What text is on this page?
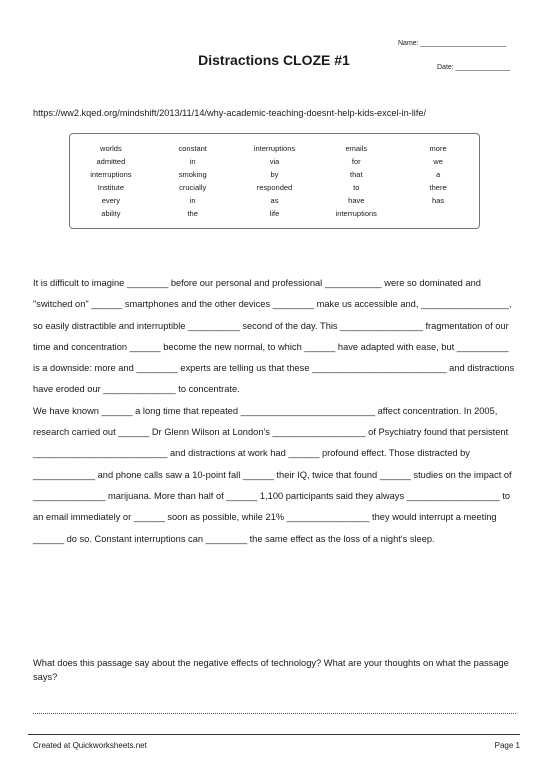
Name: ______________________
Date: ______________
Distractions CLOZE #1
https://ww2.kqed.org/mindshift/2013/11/14/why-academic-teaching-doesnt-help-kids-excel-in-life/
worlds	constant	interruptions	emails	more
admitted	in	via	for	we
interruptions	smoking	by	that	a
Institute	crucially	responded	to	there
every	in	as	have	has
ability	the	life	interruptions

It is difficult to imagine ________ before our personal and professional ___________ were so dominated and "switched on" ______ smartphones and the other devices ________ make us accessible and, _________________, so easily distractible and interruptible __________ second of the day. This ________________ fragmentation of our time and concentration ______ become the new normal, to which ______ have adapted with ease, but __________ is a downside: more and ________ experts are telling us that these __________________________ and distractions have eroded our ______________ to concentrate.

We have known ______ a long time that repeated __________________________ affect concentration. In 2005, research carried out ______ Dr Glenn Wilson at London's __________________ of Psychiatry found that persistent __________________________ and distractions at work had ______ profound effect. Those distracted by ____________ and phone calls saw a 10-point fall ______ their IQ, twice that found ______ studies on the impact of ______________ marijuana. More than half of ______ 1,100 participants said they always __________________ to an email immediately or ______ soon as possible, while 21% ________________ they would interrupt a meeting ______ do so. Constant interruptions can ________ the same effect as the loss of a night's sleep.

What does this passage say about the negative effects of technology? What are your thoughts on what the passage says?
Created at Quickworksheets.net	Page 1
